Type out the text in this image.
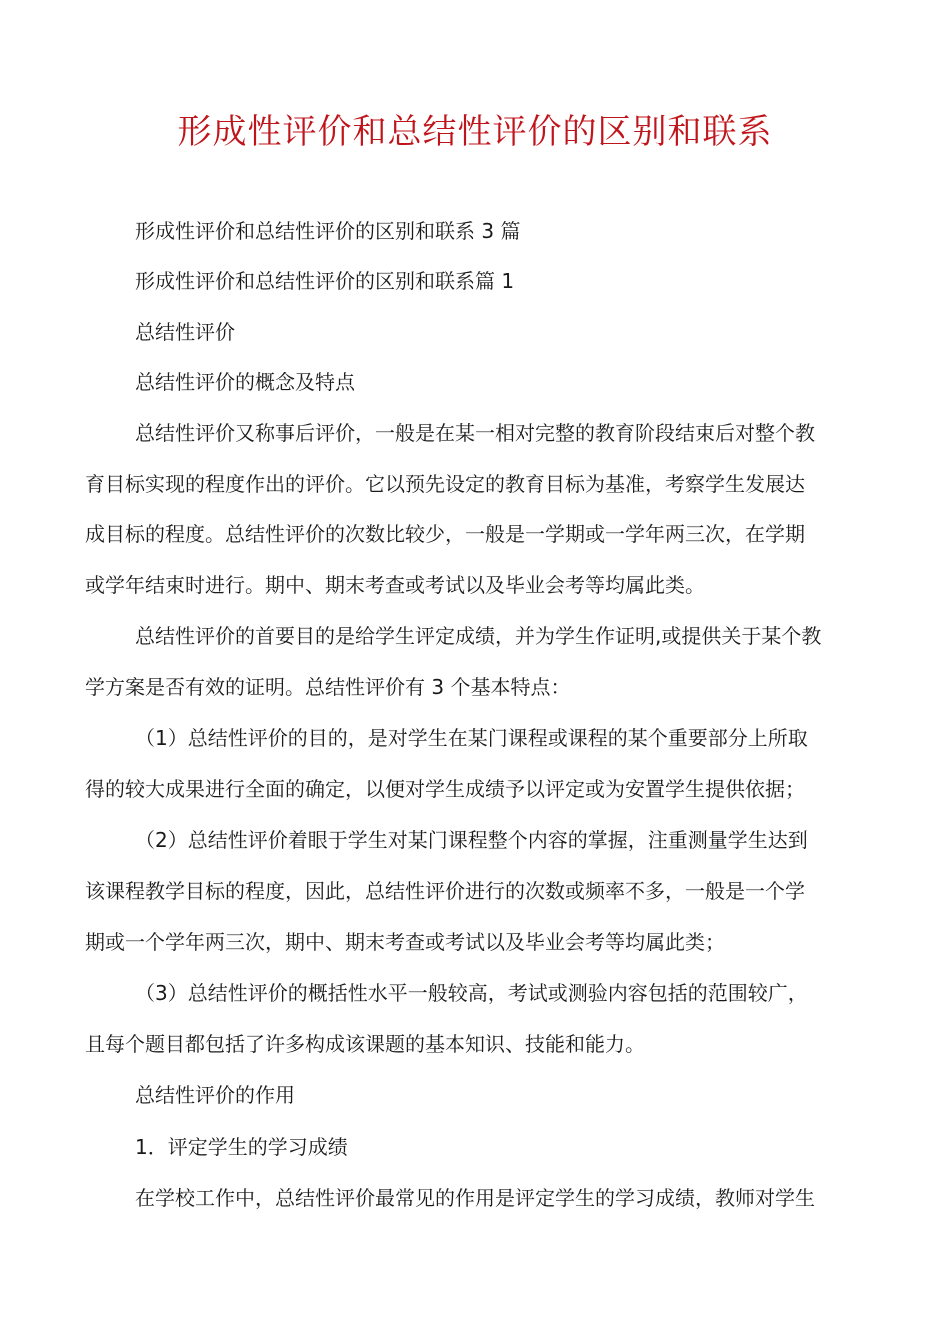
形成性评价和总结性评价的区别和联系
形成性评价和总结性评价的区别和联系 3 篇
形成性评价和总结性评价的区别和联系篇 1
总结性评价
总结性评价的概念及特点
总结性评价又称事后评价，一般是在某一相对完整的教育阶段结束后对整个教
育目标实现的程度作出的评价。它以预先设定的教育目标为基准，考察学生发展达
成目标的程度。总结性评价的次数比较少，一般是一学期或一学年两三次，在学期
或学年结束时进行。期中、期末考查或考试以及毕业会考等均属此类。
总结性评价的首要目的是给学生评定成绩，并为学生作证明,或提供关于某个教
学方案是否有效的证明。总结性评价有 3 个基本特点：
（1）总结性评价的目的，是对学生在某门课程或课程的某个重要部分上所取
得的较大成果进行全面的确定，以便对学生成绩予以评定或为安置学生提供依据；
（2）总结性评价着眼于学生对某门课程整个内容的掌握，注重测量学生达到
该课程教学目标的程度，因此，总结性评价进行的次数或频率不多，一般是一个学
期或一个学年两三次，期中、期末考查或考试以及毕业会考等均属此类；
（3）总结性评价的概括性水平一般较高，考试或测验内容包括的范围较广，
且每个题目都包括了许多构成该课题的基本知识、技能和能力。
总结性评价的作用
1．评定学生的学习成绩
在学校工作中，总结性评价最常见的作用是评定学生的学习成绩，教师对学生
